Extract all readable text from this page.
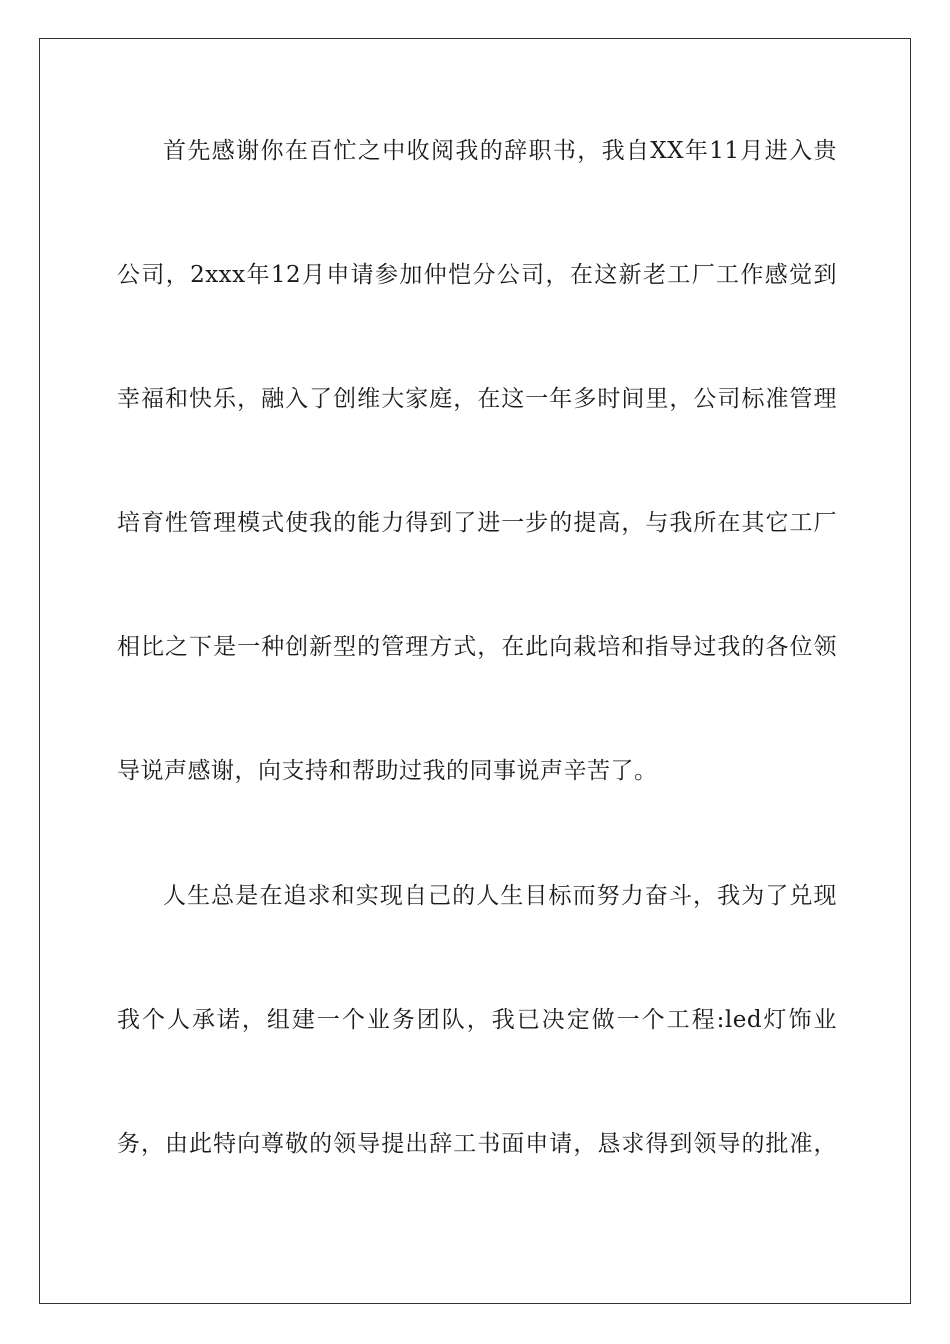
首先感谢你在百忙之中收阅我的辞职书，我自XX年11月进入贵
公司，2xxx年12月申请参加仲恺分公司，在这新老工厂工作感觉到
幸福和快乐，融入了创维大家庭，在这一年多时间里，公司标准管理
培育性管理模式使我的能力得到了进一步的提高，与我所在其它工厂
相比之下是一种创新型的管理方式，在此向栽培和指导过我的各位领
导说声感谢，向支持和帮助过我的同事说声辛苦了。
人生总是在追求和实现自己的人生目标而努力奋斗，我为了兑现
我个人承诺，组建一个业务团队，我已决定做一个工程:led灯饰业
务，由此特向尊敬的领导提出辞工书面申请，恳求得到领导的批准，
